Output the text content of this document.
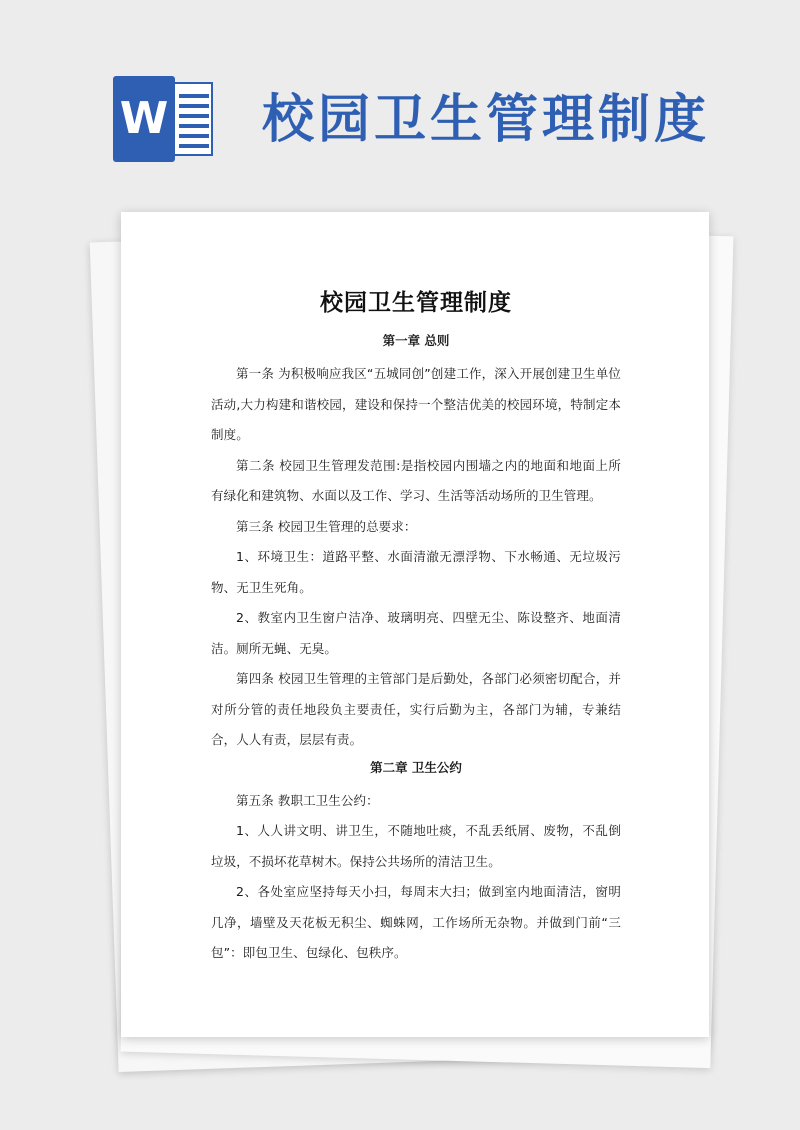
W 校园卫生管理制度
校园卫生管理制度
第一章 总则

第一条 为积极响应我区“五城同创”创建工作，深入开展创建卫生单位活动,大力构建和谐校园，建设和保持一个整洁优美的校园环境，特制定本制度。

第二条 校园卫生管理发范围:是指校园内围墙之内的地面和地面上所有绿化和建筑物、水面以及工作、学习、生活等活动场所的卫生管理。

第三条 校园卫生管理的总要求：

1、环境卫生：道路平整、水面清澈无漂浮物、下水畅通、无垃圾污物、无卫生死角。

2、教室内卫生窗户洁净、玻璃明亮、四壁无尘、陈设整齐、地面清洁。厕所无蝇、无臭。

第四条 校园卫生管理的主管部门是后勤处，各部门必须密切配合，并对所分管的责任地段负主要责任，实行后勤为主，各部门为辅，专兼结合，人人有责，层层有责。

第二章 卫生公约

第五条 教职工卫生公约：

1、人人讲文明、讲卫生，不随地吐痰，不乱丢纸屑、废物，不乱倒垃圾，不损坏花草树木。保持公共场所的清洁卫生。

2、各处室应坚持每天小扫，每周末大扫；做到室内地面清洁，窗明几净，墙壁及天花板无积尘、蜘蛛网，工作场所无杂物。并做到门前“三包”：即包卫生、包绿化、包秩序。
